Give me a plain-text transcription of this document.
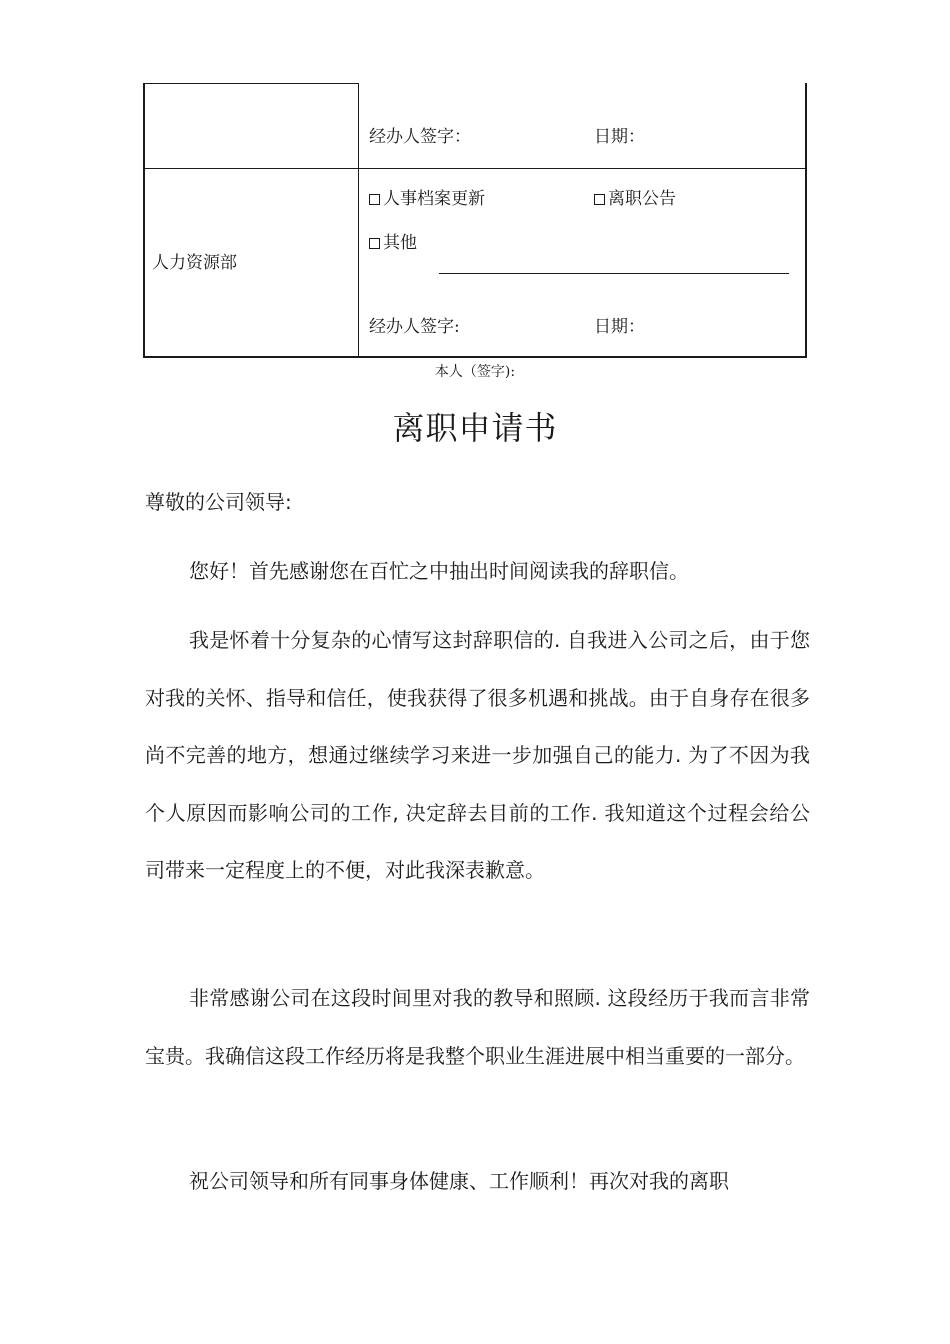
经办人签字：	日期：
人力资源部
人事档案更新	离职公告
其他
经办人签字:	日期：
本人（签字):
离职申请书
尊敬的公司领导:

您好！首先感谢您在百忙之中抽出时间阅读我的辞职信。

我是怀着十分复杂的心情写这封辞职信的. 自我进入公司之后，由于您对我的关怀、指导和信任，使我获得了很多机遇和挑战。由于自身存在很多尚不完善的地方，想通过继续学习来进一步加强自己的能力. 为了不因为我个人原因而影响公司的工作, 决定辞去目前的工作. 我知道这个过程会给公司带来一定程度上的不便，对此我深表歉意。

非常感谢公司在这段时间里对我的教导和照顾. 这段经历于我而言非常宝贵。我确信这段工作经历将是我整个职业生涯进展中相当重要的一部分。

祝公司领导和所有同事身体健康、工作顺利！再次对我的离职
